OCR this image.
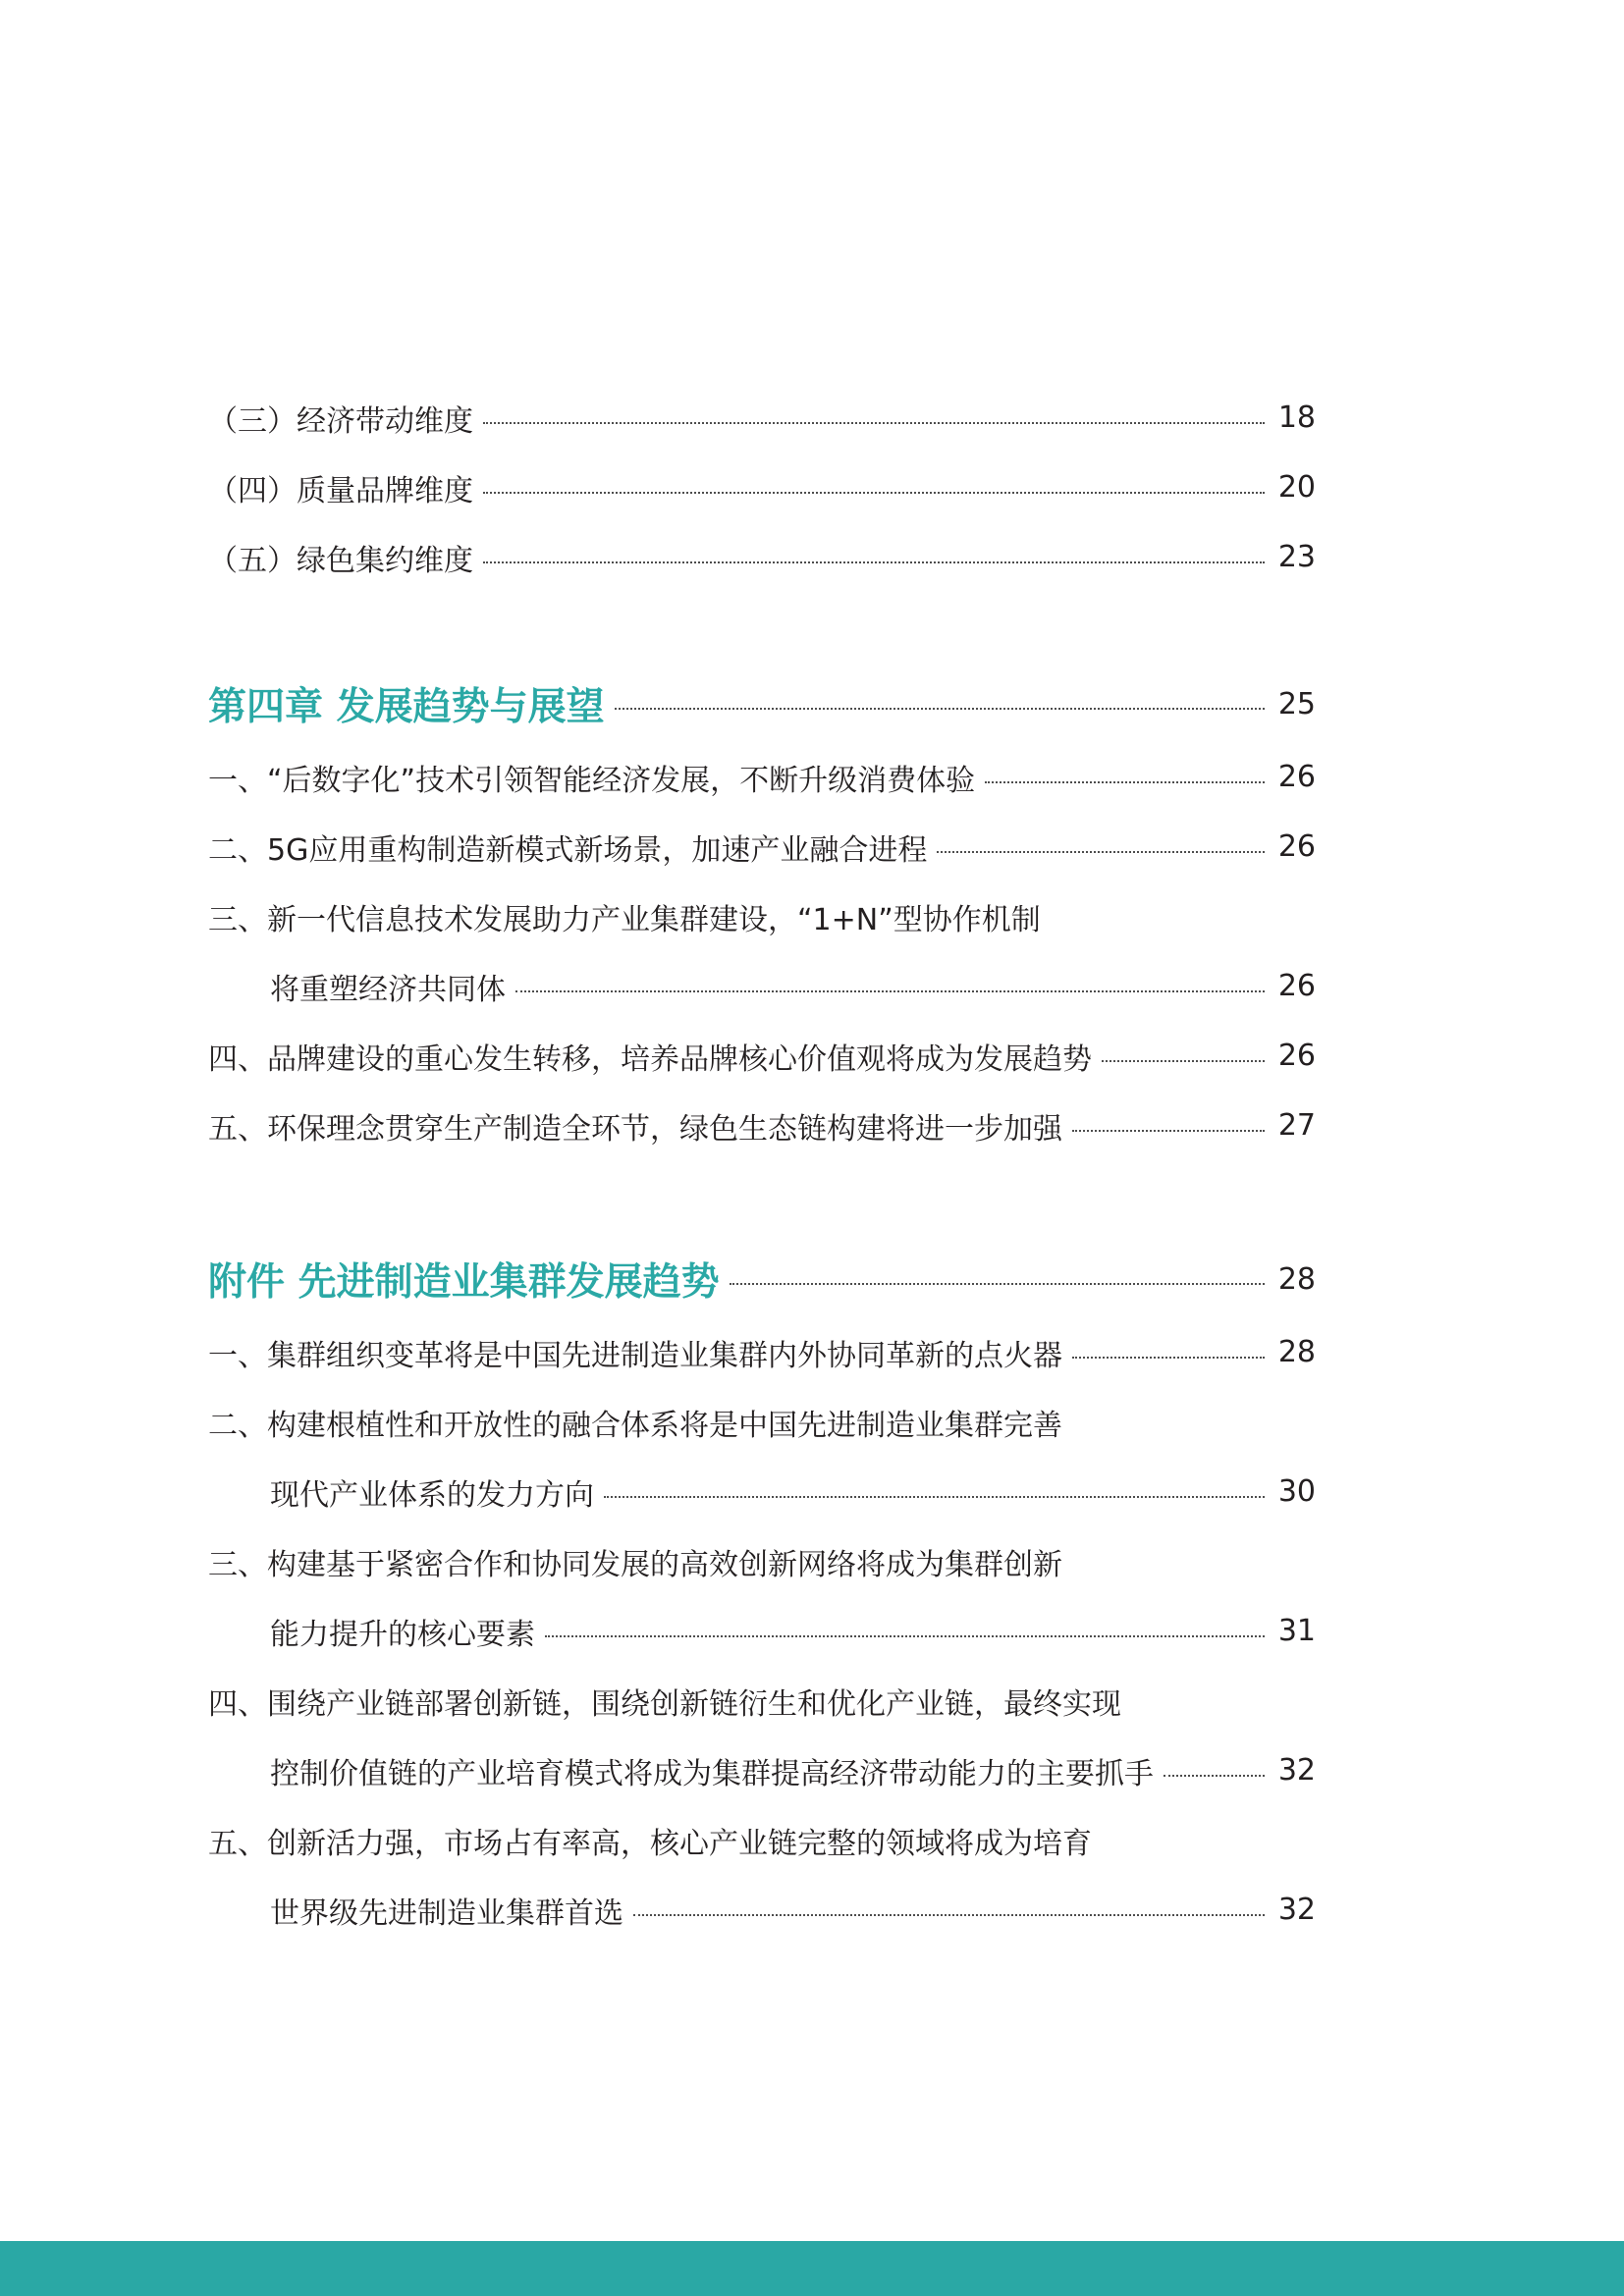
（三）经济带动维度	18
（四）质量品牌维度	20
（五）绿色集约维度	23
第四章 发展趋势与展望	25
一、“后数字化”技术引领智能经济发展，不断升级消费体验	26
二、5G应用重构制造新模式新场景，加速产业融合进程	26
三、新一代信息技术发展助力产业集群建设，“1+N”型协作机制
将重塑经济共同体	26
四、品牌建设的重心发生转移，培养品牌核心价值观将成为发展趋势	26
五、环保理念贯穿生产制造全环节，绿色生态链构建将进一步加强	27
附件 先进制造业集群发展趋势	28
一、集群组织变革将是中国先进制造业集群内外协同革新的点火器	28
二、构建根植性和开放性的融合体系将是中国先进制造业集群完善
现代产业体系的发力方向	30
三、构建基于紧密合作和协同发展的高效创新网络将成为集群创新
能力提升的核心要素	31
四、围绕产业链部署创新链，围绕创新链衍生和优化产业链，最终实现
控制价值链的产业培育模式将成为集群提高经济带动能力的主要抓手	32
五、创新活力强，市场占有率高，核心产业链完整的领域将成为培育
世界级先进制造业集群首选	32
